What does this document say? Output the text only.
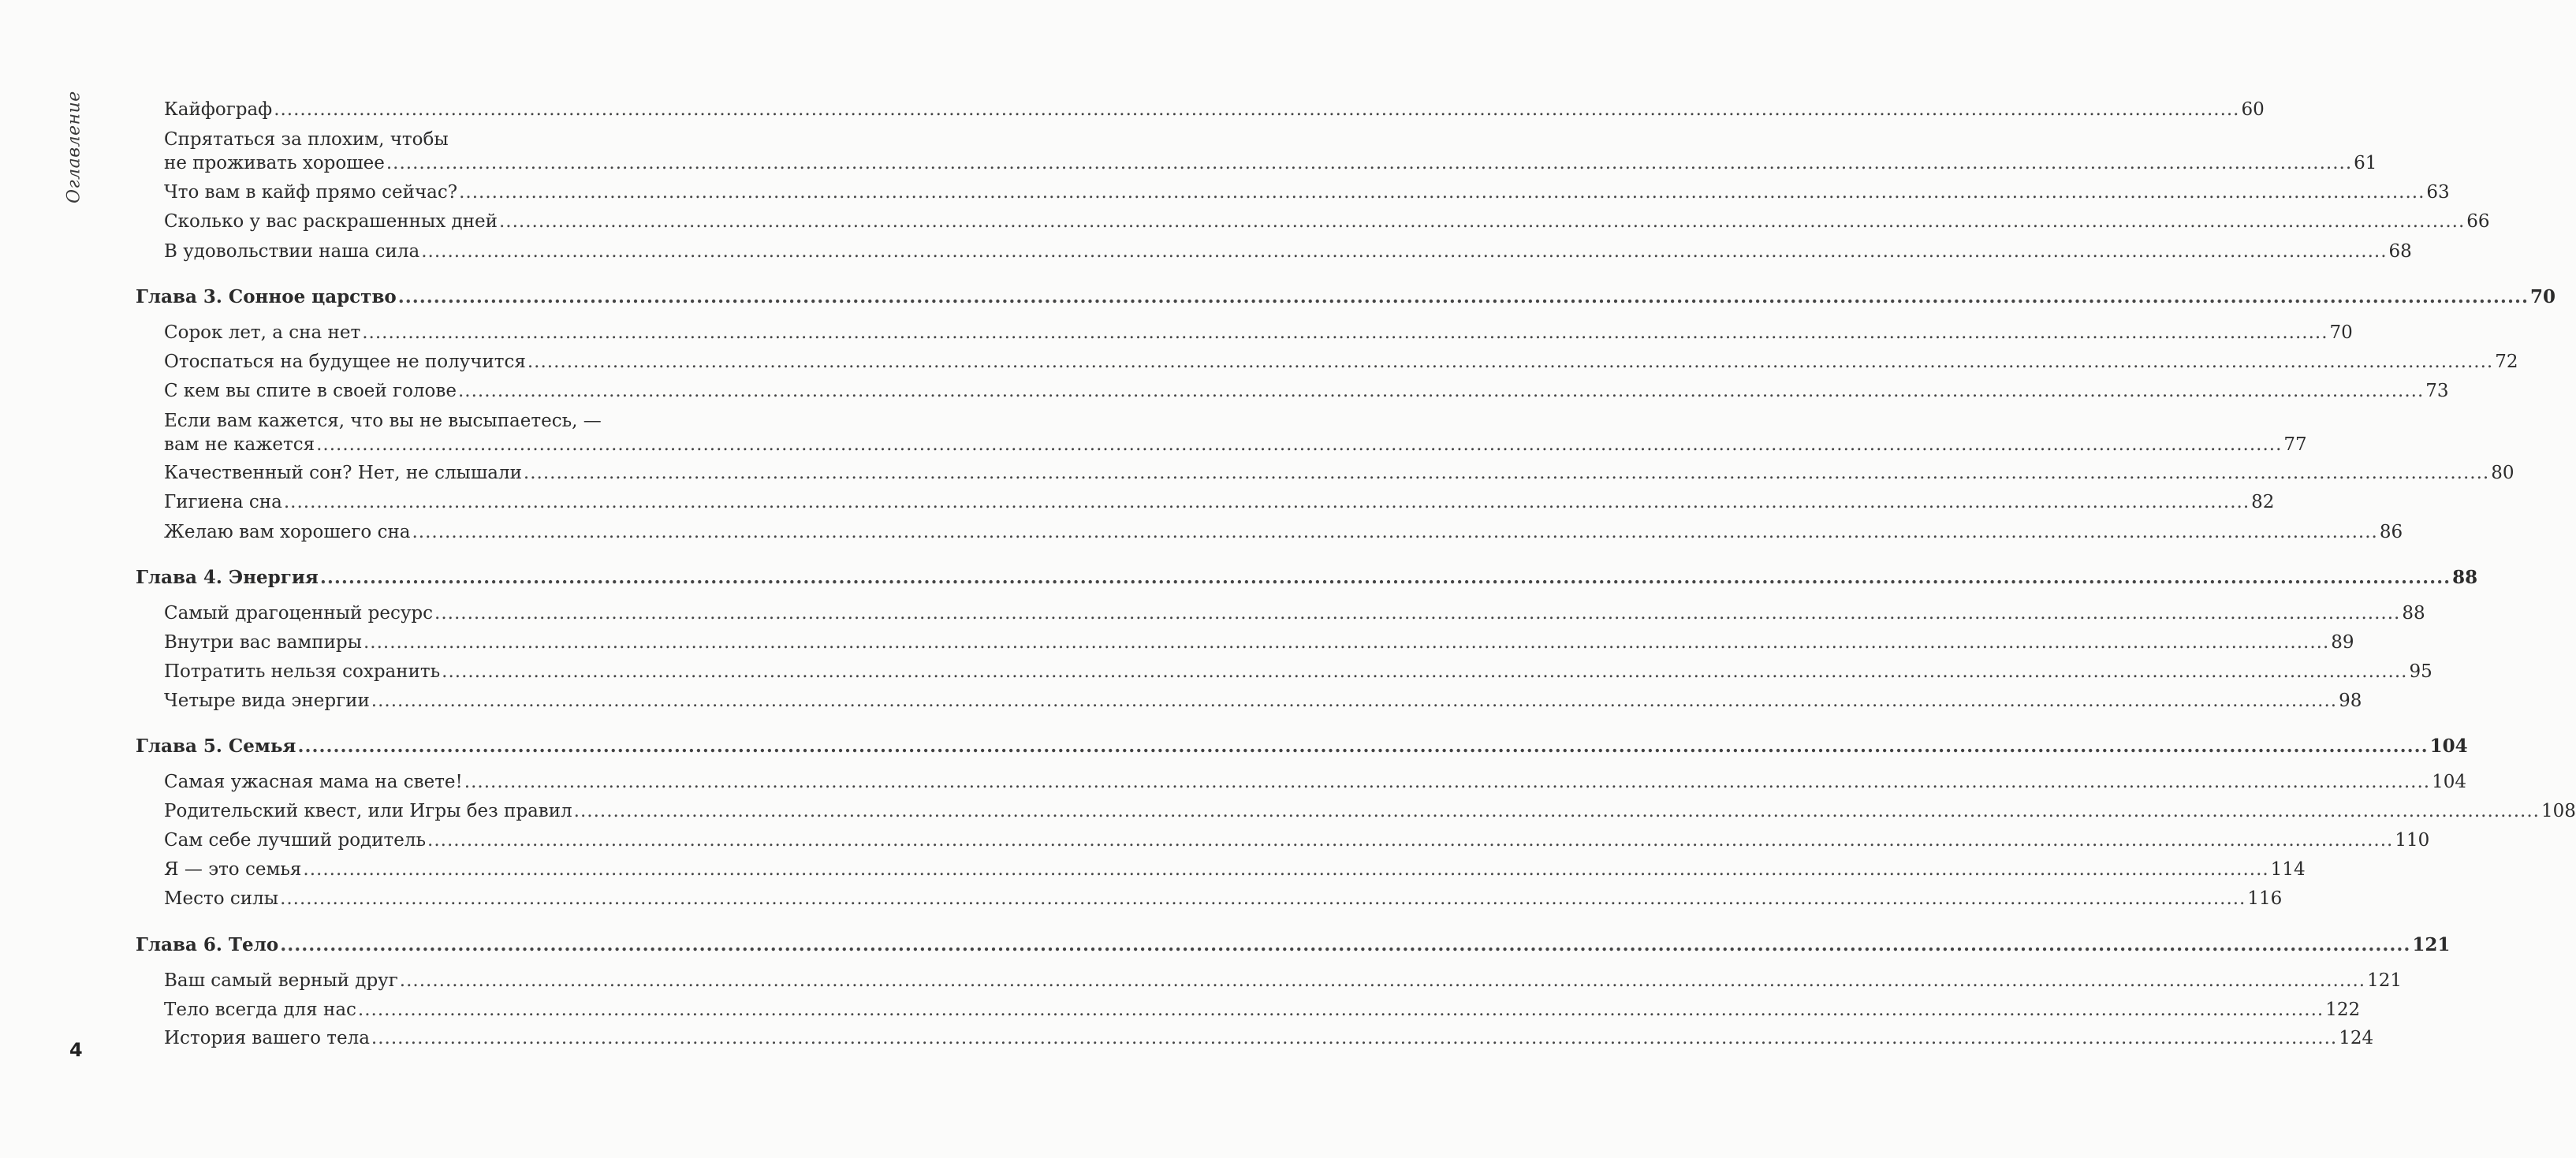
Оглавление	Кайфограф ............................................................................................................................................................................................................................................................................................................ 60
Спрятаться за плохим, чтобы
не проживать хорошее ............................................................................................................................................................................................................................................................................................................ 61
Что вам в кайф прямо сейчас? ............................................................................................................................................................................................................................................................................................................ 63
Сколько у вас раскрашенных дней ............................................................................................................................................................................................................................................................................................................ 66
В удовольствии наша сила ............................................................................................................................................................................................................................................................................................................ 68
Глава 3. Сонное царство ............................................................................................................................................................................................................................................................................................................ 70
Сорок лет, а сна нет ............................................................................................................................................................................................................................................................................................................ 70
Отоспаться на будущее не получится ............................................................................................................................................................................................................................................................................................................ 72
С кем вы спите в своей голове ............................................................................................................................................................................................................................................................................................................ 73
Если вам кажется, что вы не высыпаетесь, —
вам не кажется ............................................................................................................................................................................................................................................................................................................ 77
Качественный сон? Нет, не слышали ............................................................................................................................................................................................................................................................................................................ 80
Гигиена сна ............................................................................................................................................................................................................................................................................................................ 82
Желаю вам хорошего сна ............................................................................................................................................................................................................................................................................................................ 86
Глава 4. Энергия ............................................................................................................................................................................................................................................................................................................ 88
Самый драгоценный ресурс ............................................................................................................................................................................................................................................................................................................ 88
Внутри вас вампиры ............................................................................................................................................................................................................................................................................................................ 89
Потратить нельзя сохранить ............................................................................................................................................................................................................................................................................................................ 95
Четыре вида энергии ............................................................................................................................................................................................................................................................................................................ 98
Глава 5. Семья ............................................................................................................................................................................................................................................................................................................ 104
Самая ужасная мама на свете! ............................................................................................................................................................................................................................................................................................................ 104
Родительский квест, или Игры без правил ............................................................................................................................................................................................................................................................................................................ 108
Сам себе лучший родитель ............................................................................................................................................................................................................................................................................................................ 110
Я — это семья ............................................................................................................................................................................................................................................................................................................ 114
Место силы ............................................................................................................................................................................................................................................................................................................ 116
Глава 6. Тело ............................................................................................................................................................................................................................................................................................................ 121
Ваш самый верный друг ............................................................................................................................................................................................................................................................................................................ 121
Тело всегда для нас ............................................................................................................................................................................................................................................................................................................ 122
История вашего тела ............................................................................................................................................................................................................................................................................................................ 124
4
